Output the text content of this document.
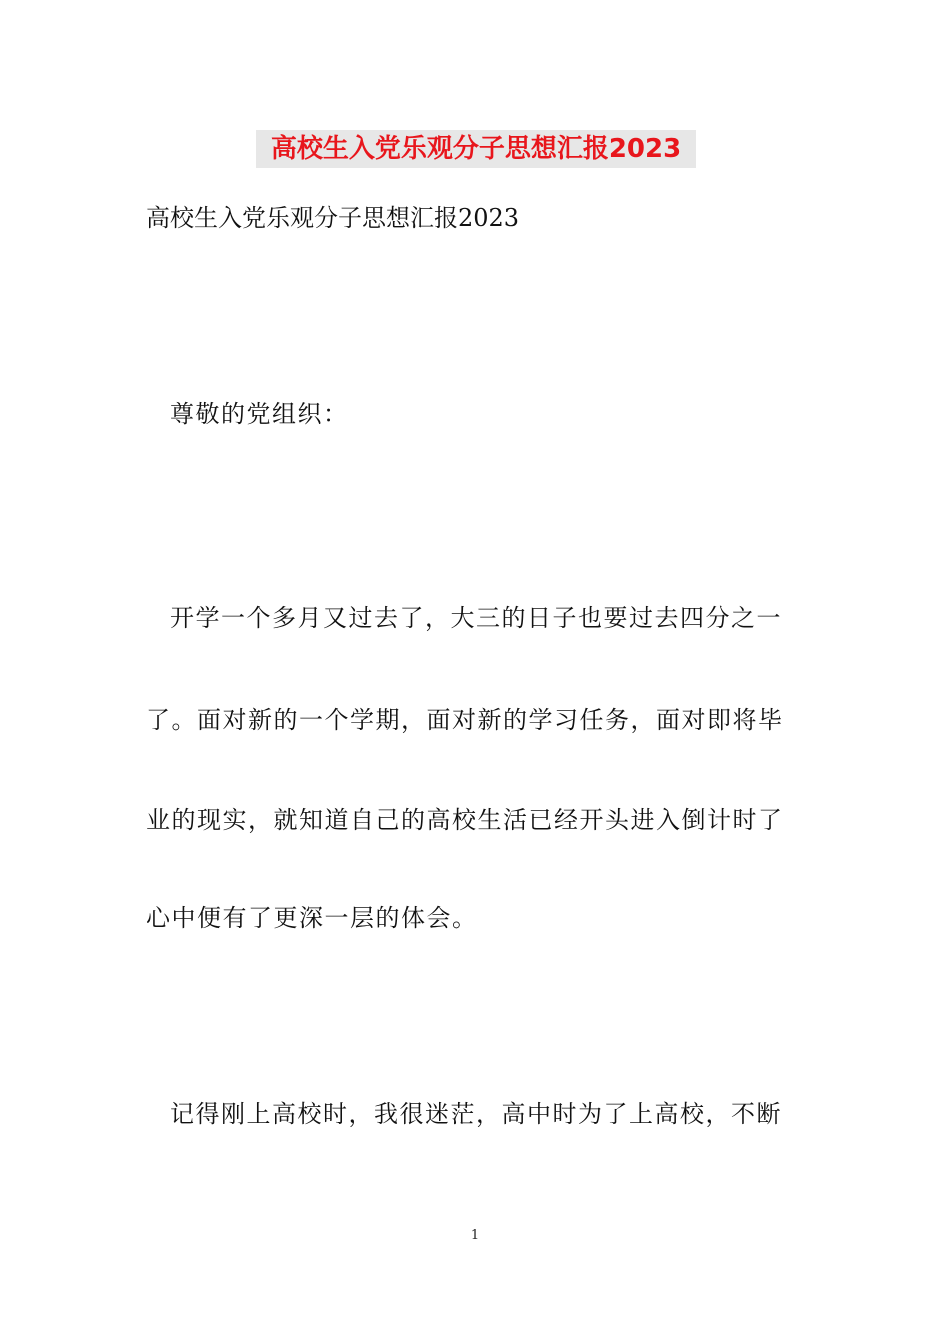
高校生入党乐观分子思想汇报2023
高校生入党乐观分子思想汇报2023
尊敬的党组织：
开学一个多月又过去了，大三的日子也要过去四分之一
了。面对新的一个学期，面对新的学习任务，面对即将毕
业的现实，就知道自己的高校生活已经开头进入倒计时了
心中便有了更深一层的体会。
记得刚上高校时，我很迷茫，高中时为了上高校，不断
1
